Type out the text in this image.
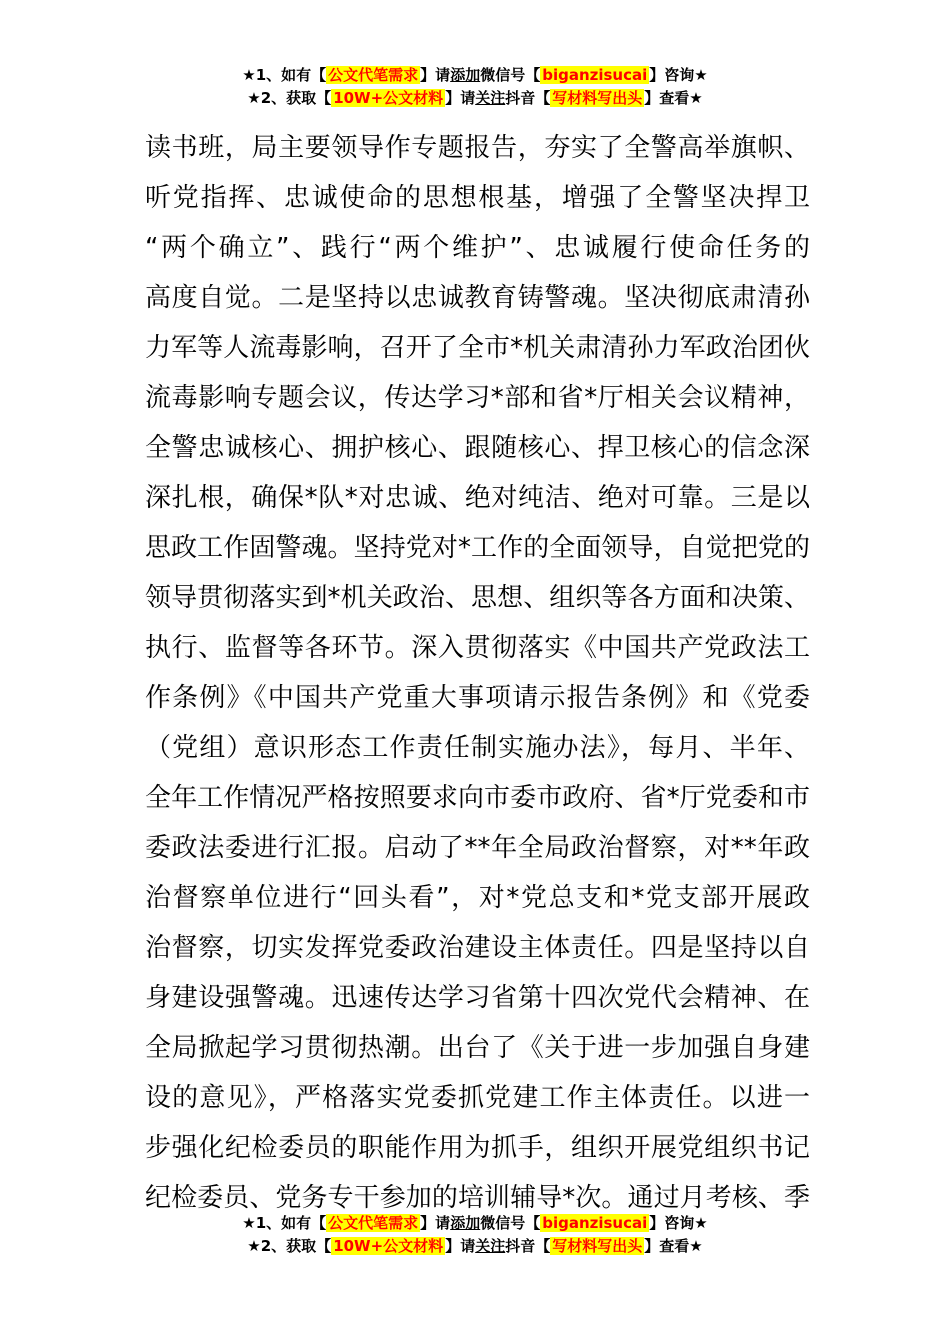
★1、如有【 公文代笔需求 】请添加微信号【 biganzisucai 】咨询★
★2、获取【 10W+公文材料 】请关注抖音【 写材料写出头 】查看★
读书班，局主要领导作专题报告，夯实了全警高举旗帜、
听党指挥、忠诚使命的思想根基，增强了全警坚决捍卫
“两个确立”、践行“两个维护”、忠诚履行使命任务的
高度自觉。二是坚持以忠诚教育铸警魂。坚决彻底肃清孙
力军等人流毒影响，召开了全市*机关肃清孙力军政治团伙
流毒影响专题会议，传达学习*部和省*厅相关会议精神，
全警忠诚核心、拥护核心、跟随核心、捍卫核心的信念深
深扎根，确保*队*对忠诚、绝对纯洁、绝对可靠。三是以
思政工作固警魂。坚持党对*工作的全面领导，自觉把党的
领导贯彻落实到*机关政治、思想、组织等各方面和决策、
执行、监督等各环节。深入贯彻落实《中国共产党政法工
作条例》《中国共产党重大事项请示报告条例》和《党委
（党组）意识形态工作责任制实施办法》，每月、半年、
全年工作情况严格按照要求向市委市政府、省*厅党委和市
委政法委进行汇报。启动了**年全局政治督察，对**年政
治督察单位进行“回头看”，对*党总支和*党支部开展政
治督察，切实发挥党委政治建设主体责任。四是坚持以自
身建设强警魂。迅速传达学习省第十四次党代会精神、在
全局掀起学习贯彻热潮。出台了《关于进一步加强自身建
设的意见》，严格落实党委抓党建工作主体责任。以进一
步强化纪检委员的职能作用为抓手，组织开展党组织书记
纪检委员、党务专干参加的培训辅导*次。通过月考核、季
★1、如有【 公文代笔需求 】请添加微信号【 biganzisucai 】咨询★
★2、获取【 10W+公文材料 】请关注抖音【 写材料写出头 】查看★
